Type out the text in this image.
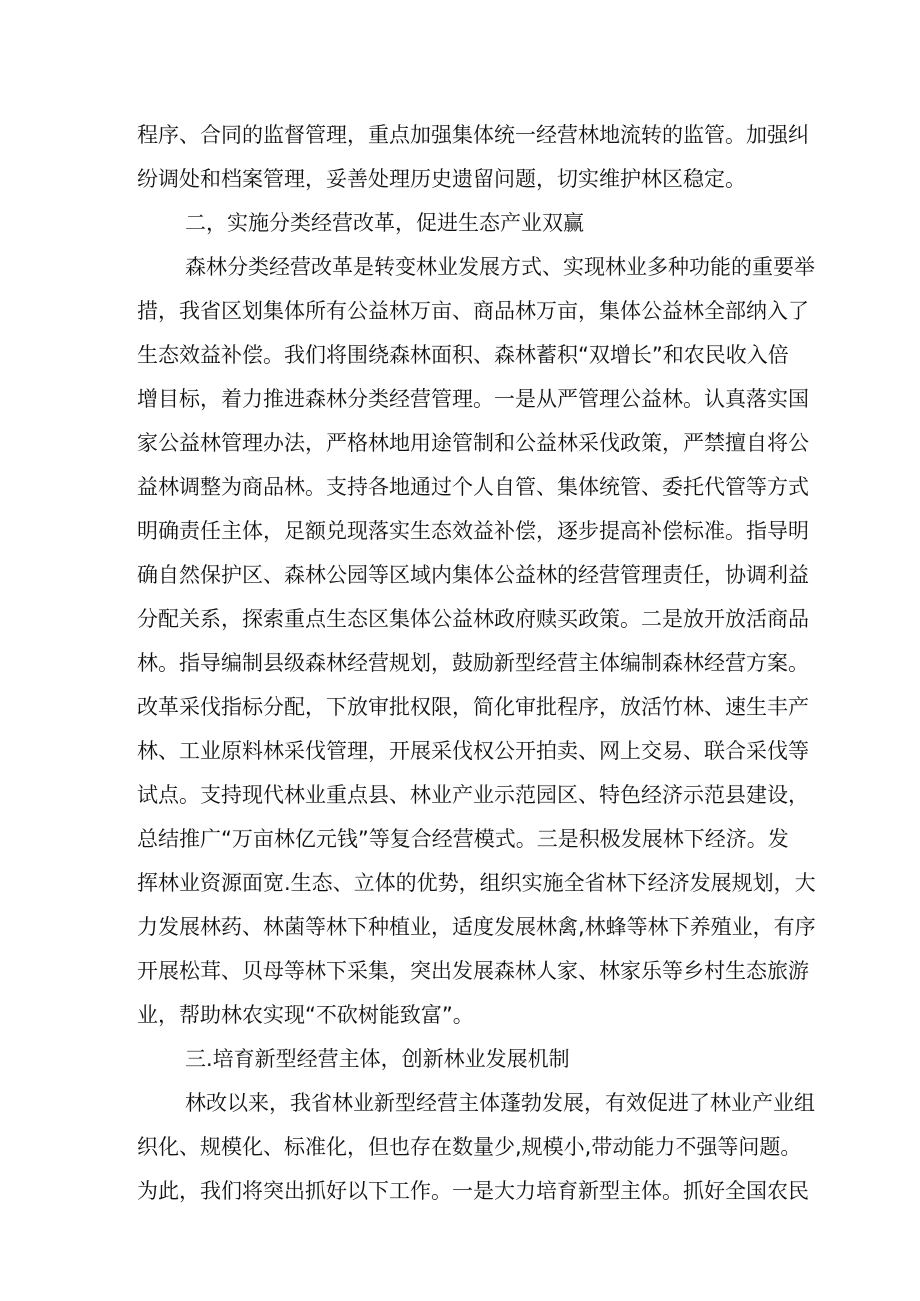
程序、合同的监督管理，重点加强集体统一经营林地流转的监管。加强纠
纷调处和档案管理，妥善处理历史遗留问题，切实维护林区稳定。
二，实施分类经营改革，促进生态产业双赢
森林分类经营改革是转变林业发展方式、实现林业多种功能的重要举
措，我省区划集体所有公益林万亩、商品林万亩，集体公益林全部纳入了
生态效益补偿。我们将围绕森林面积、森林蓄积“双增长”和农民收入倍
增目标，着力推进森林分类经营管理。一是从严管理公益林。认真落实国
家公益林管理办法，严格林地用途管制和公益林采伐政策，严禁擅自将公
益林调整为商品林。支持各地通过个人自管、集体统管、委托代管等方式
明确责任主体，足额兑现落实生态效益补偿，逐步提高补偿标准。指导明
确自然保护区、森林公园等区域内集体公益林的经营管理责任，协调利益
分配关系，探索重点生态区集体公益林政府赎买政策。二是放开放活商品
林。指导编制县级森林经营规划，鼓励新型经营主体编制森林经营方案。
改革采伐指标分配，下放审批权限，简化审批程序，放活竹林、速生丰产
林、工业原料林采伐管理，开展采伐权公开拍卖、网上交易、联合采伐等
试点。支持现代林业重点县、林业产业示范园区、特色经济示范县建设，
总结推广“万亩林亿元钱”等复合经营模式。三是积极发展林下经济。发
挥林业资源面宽.生态、立体的优势，组织实施全省林下经济发展规划，大
力发展林药、林菌等林下种植业，适度发展林禽,林蜂等林下养殖业，有序
开展松茸、贝母等林下采集，突出发展森林人家、林家乐等乡村生态旅游
业，帮助林农实现“不砍树能致富”。
三.培育新型经营主体，创新林业发展机制
林改以来，我省林业新型经营主体蓬勃发展，有效促进了林业产业组
织化、规模化、标准化，但也存在数量少,规模小,带动能力不强等问题。
为此，我们将突出抓好以下工作。一是大力培育新型主体。抓好全国农民
